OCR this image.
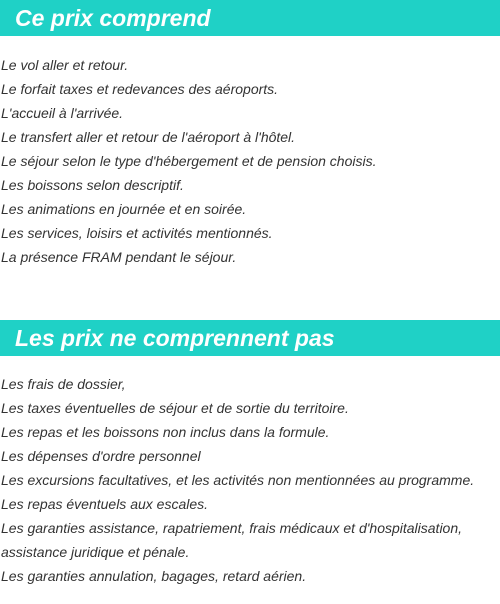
Ce prix comprend
Le vol aller et retour.
Le forfait taxes et redevances des aéroports.
L'accueil à l'arrivée.
Le transfert aller et retour de l'aéroport à l'hôtel.
Le séjour selon le type d'hébergement et de pension choisis.
Les boissons selon descriptif.
Les animations en journée et en soirée.
Les services, loisirs et activités mentionnés.
La présence FRAM pendant le séjour.
Les prix ne comprennent pas
Les frais de dossier,
Les taxes éventuelles de séjour et de sortie du territoire.
Les repas et les boissons non inclus dans la formule.
Les dépenses d'ordre personnel
Les excursions facultatives, et les activités non mentionnées au programme.
Les repas éventuels aux escales.
Les garanties assistance, rapatriement, frais médicaux et d'hospitalisation,
assistance juridique et pénale.
Les garanties annulation, bagages, retard aérien.
